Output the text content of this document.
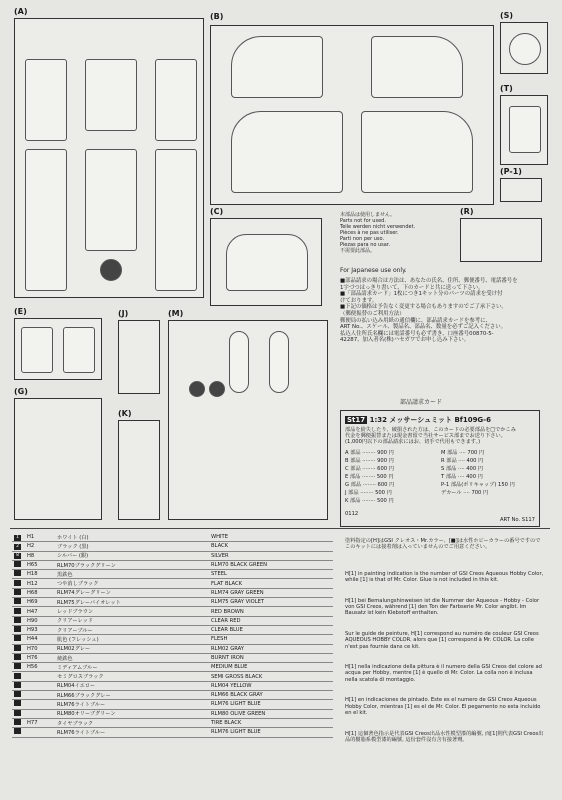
(A)
(B)	(S)
(T)
(P-1)
(C)	本部品は使用しません。
Parts not for used.
Teile werden nicht verwendet.
Pièces à ne pas utiliser.
Parti non per uso.
Piezas para no usar.
不需要此部品。
(R)
For Japanese use only.
■部品請求の場合は方法は、あなたの氏名、住所、郵便番号、電話番号を
1字づつはっきり書いて、下のカードと共に送って下さい。
■「部品請求カード」1枚につき1キット分のパーツの請求を受け付
けております。
■下記の価格は予告なく変更する場合もありますのでご了承下さい。
（郵便振替のご利用方法）
郵便局の払い込み用紙の通信欄に、部品請求カードを参考に、
ART No.、スケール、製品名、部品名、数量を必ずご記入ください。
払込人住所氏名欄には電話番号も必ず書き、口座番号00870-5-
42287、加入者名(株)ハセガワでお申し込み下さい。
(E)	(J)
(G)
(K)
(M)
部品請求カード
St17 1:32 メッサーシュミット Bf109G-6
部品を紛失したり、破損された方は、このカードの必要部品を□でかこみ
代金を郵便振替または現金書留で当社サービス部までお送り下さい。
(1,000円以下の部品請求にはお、切手で代用もできます。)
A 部品 ········ 900 円
B 部品 ········ 900 円
C 部品 ········ 600 円
E 部品 ········ 500 円
G 部品 ········ 600 円
J 部品 ········ 500 円
K 部品 ········ 500 円
M 部品 ···· 700 円
R 部品 ···· 400 円
S 部品 ···· 400 円
T 部品 ···· 400 円
P-1 部品(ポリキャップ) 150 円
デカール ···· 700 円
0112
ART No. S117
1	H1	ホワイト (白)	WHITE
2	H2	ブラック (黒)	BLACK
8	H8	シルバー (銀)	SILVER
	H65	RLM70ブラックグリーン	RLM70 BLACK GREEN
	H18	黒鉄色	STEEL
	H12	つや消しブラック	FLAT BLACK
	H68	RLM74グレーグリーン	RLM74 GRAY GREEN
	H69	RLM75グレーバイオレット	RLM75 GRAY VIOLET
	H47	レッドブラウン	RED BROWN
	H90	クリアーレッド	CLEAR RED
	H93	クリアーブルー	CLEAR BLUE
	H44	肌色 (フレッシュ)	FLESH
	H70	RLM02グレー	RLM02 GRAY
	H76	焼鉄色	BURNT IRON
	H56	ミディアムブルー	MEDIUM BLUE
		セミグロスブラック	SEMI GROSS BLACK
		RLM04イエロー	RLM04 YELLOW
		RLM66ブラックグレー	RLM66 BLACK GRAY
		RLM76ライトブルー	RLM76 LIGHT BLUE
		RLM80オリーブグリーン	RLM80 OLIVE GREEN
	H77	タイヤブラック	TIRE BLACK
		RLM76ライトブルー	RLM76 LIGHT BLUE
塗料指定の[H]はGSI クレオス・Mr.カラー、[■]は水性ホビーカラーの番号ですのでこのキットには接着剤は入っていませんのでご用意ください。
H[1] in painting indication is the number of GSI Creos Aqueous Hobby Color, while [1] is that of Mr. Color. Glue is not included in this kit.
H[1] bei Bemalungshinweisen ist die Nummer der Aqueous - Hobby - Color von GSI Creos, während [1] den Ton der Farbserie Mr. Color angibt. Im Bausatz ist kein Klebstoff enthalten.
Sur le guide de peinture, H[1] correspond au numéro de couleur GSI Creos AQUEOUS HOBBY COLOR. alors que [1] correspond à Mr. COLOR. La colle n'est pas fournie dans ce kit.
H[1] nella indicazione della pittura è il numero della GSI Creos del colore ad acqua per Hobby, mentre [1] è quello di Mr. Color. La colla non è inclusa nella scatola di montaggio.
H[1] en indicaciones de pintado. Este es el numero de GSI Creos Aqueous Hobby Color, mientras [1] es el de Mr. Color. El pegamento no esta incluido en el kit.
H[1] 這個著色指示是代表GSI Creos出品水性模型漆的編號, 而[1]則代表GSI Creos出品的樹脂系模型漆的編號, 這份套件沒有含有接著劑。
